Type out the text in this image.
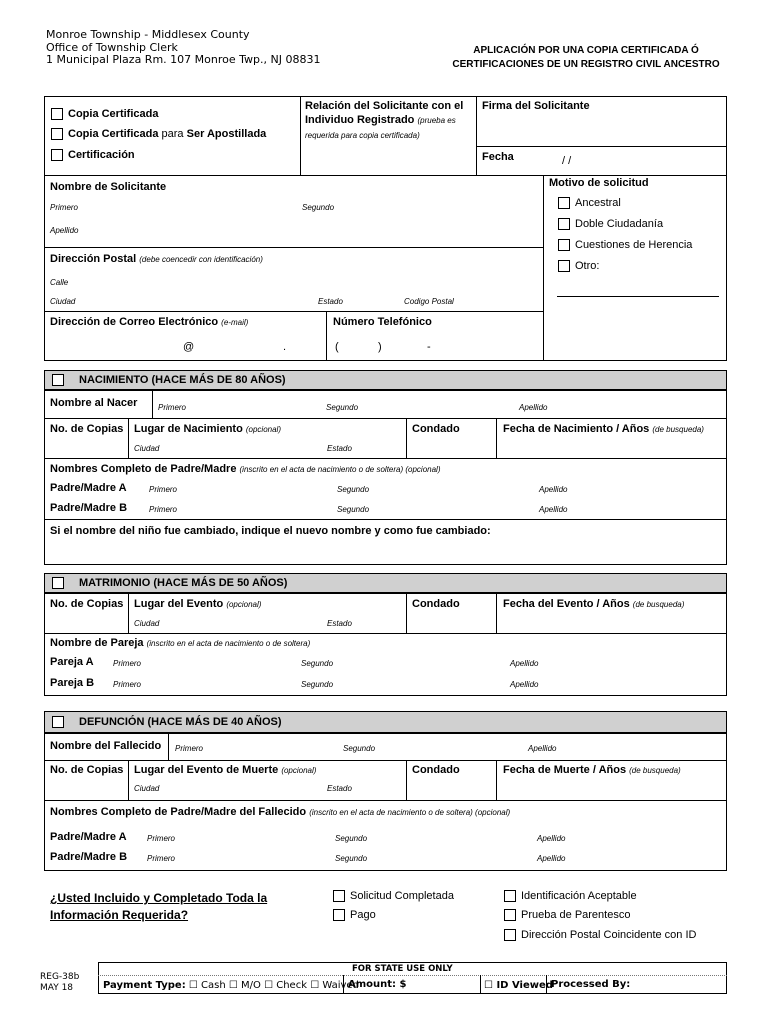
Monroe Township - Middlesex County
Office of Township Clerk
1 Municipal Plaza Rm. 107 Monroe Twp., NJ 08831
APLICACIÓN POR UNA COPIA CERTIFICADA Ó
CERTIFICACIONES DE UN REGISTRO CIVIL ANCESTRO
Copia Certificada
Copia Certificada para Ser Apostillada
Certificación
Relación del Solicitante con el Individuo Registrado (prueba es requerida para copia certificada)
Firma del Solicitante
Fecha	/ /
Nombre de Solicitante
Primero	Segundo
Apellido
Dirección Postal (debe coencedir con identificación)
Calle
Ciudad	Estado	Codigo Postal
Dirección de Correo Electrónico (e-mail)
@	.
Número Telefónico
(	)	-
Motivo de solicitud
Ancestral
Doble Ciudadanía
Cuestiones de Herencia
Otro:
NACIMIENTO (HACE MÁS DE 80 AÑOS)
Nombre al Nacer	Primero	Segundo	Apellido
No. de Copias Lugar de Nacimiento (opcional)
Ciudad	Estado
Condado	Fecha de Nacimiento / Años (de busqueda)
Nombres Completo de Padre/Madre (inscrito en el acta de nacimiento o de soltera) (opcional)
Padre/Madre A	Primero	Segundo	Apellido
Padre/Madre B	Primero	Segundo	Apellido
Si el nombre del niño fue cambiado, indique el nuevo nombre y como fue cambiado:
MATRIMONIO (HACE MÁS DE 50 AÑOS)
No. de Copias Lugar del Evento (opcional)
Ciudad	Estado
Condado	Fecha del Evento / Años (de busqueda)
Nombre de Pareja (inscrito en el acta de nacimiento o de soltera)
Pareja A Primero	Segundo	Apellido
Pareja B Primero	Segundo	Apellido
DEFUNCIÓN (HACE MÁS DE 40 AÑOS)
Nombre del Fallecido Primero	Segundo	Apellido
No. de Copias Lugar del Evento de Muerte (opcional)
Ciudad	Estado
Condado	Fecha de Muerte / Años (de busqueda)
Nombres Completo de Padre/Madre del Fallecido (inscrito en el acta de nacimiento o de soltera) (opcional)
Padre/Madre A	Primero	Segundo	Apellido
Padre/Madre B Primero	Segundo	Apellido
¿Usted Incluido y Completado Toda la
Información Requerida?
Solicitud Completada
Pago
Identificación Aceptable
Prueba de Parentesco
Dirección Postal Coincidente con ID
REG-38b
MAY 18
FOR STATE USE ONLY
Payment Type: ☐ Cash ☐ M/O ☐ Check ☐ Waived
Amount: $	☐ ID Viewed
Processed By:
